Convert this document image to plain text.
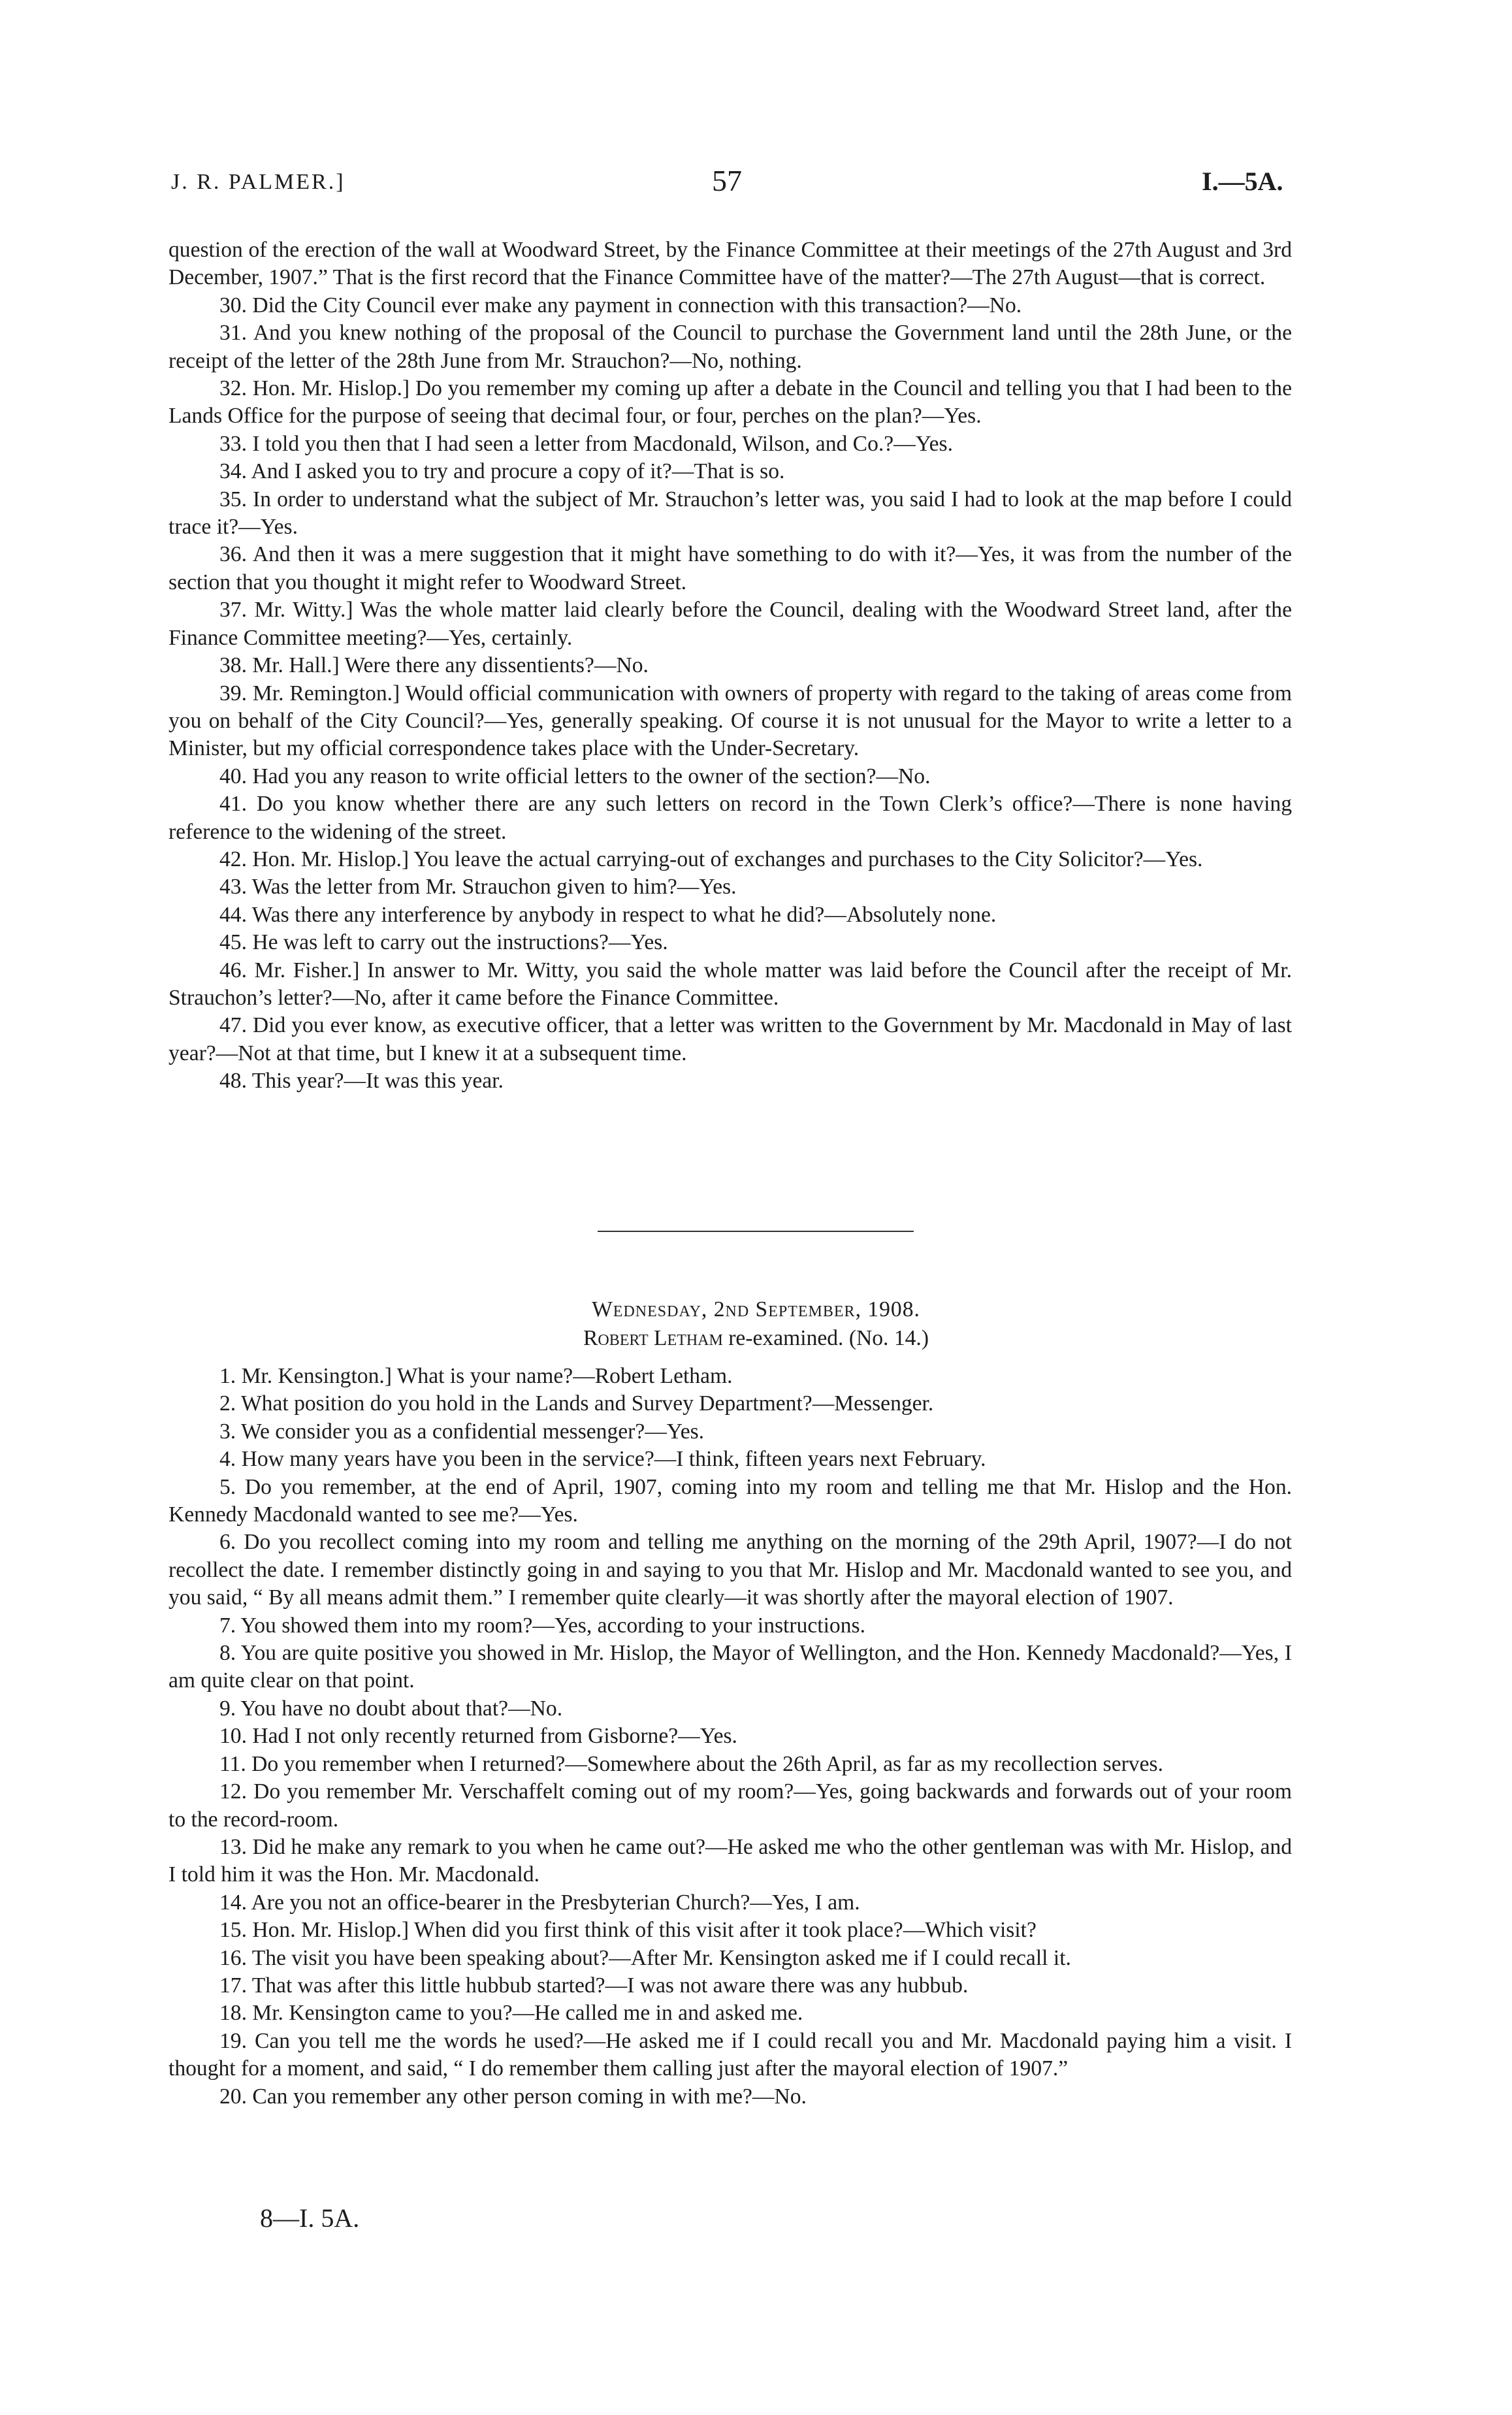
J. R. PALMER.]	57	I.—5A.

question of the erection of the wall at Woodward Street, by the Finance Committee at their meetings of the 27th August and 3rd December, 1907.” That is the first record that the Finance Committee have of the matter?—The 27th August—that is correct.

30. Did the City Council ever make any payment in connection with this transaction?—No.

31. And you knew nothing of the proposal of the Council to purchase the Government land until the 28th June, or the receipt of the letter of the 28th June from Mr. Strauchon?—No, nothing.

32. Hon. Mr. Hislop.] Do you remember my coming up after a debate in the Council and telling you that I had been to the Lands Office for the purpose of seeing that decimal four, or four, perches on the plan?—Yes.

33. I told you then that I had seen a letter from Macdonald, Wilson, and Co.?—Yes.

34. And I asked you to try and procure a copy of it?—That is so.

35. In order to understand what the subject of Mr. Strauchon’s letter was, you said I had to look at the map before I could trace it?—Yes.

36. And then it was a mere suggestion that it might have something to do with it?—Yes, it was from the number of the section that you thought it might refer to Woodward Street.

37. Mr. Witty.] Was the whole matter laid clearly before the Council, dealing with the Woodward Street land, after the Finance Committee meeting?—Yes, certainly.

38. Mr. Hall.] Were there any dissentients?—No.

39. Mr. Remington.] Would official communication with owners of property with regard to the taking of areas come from you on behalf of the City Council?—Yes, generally speaking. Of course it is not unusual for the Mayor to write a letter to a Minister, but my official correspondence takes place with the Under-Secretary.

40. Had you any reason to write official letters to the owner of the section?—No.

41. Do you know whether there are any such letters on record in the Town Clerk’s office?—There is none having reference to the widening of the street.

42. Hon. Mr. Hislop.] You leave the actual carrying-out of exchanges and purchases to the City Solicitor?—Yes.

43. Was the letter from Mr. Strauchon given to him?—Yes.

44. Was there any interference by anybody in respect to what he did?—Absolutely none.

45. He was left to carry out the instructions?—Yes.

46. Mr. Fisher.] In answer to Mr. Witty, you said the whole matter was laid before the Council after the receipt of Mr. Strauchon’s letter?—No, after it came before the Finance Committee.

47. Did you ever know, as executive officer, that a letter was written to the Government by Mr. Macdonald in May of last year?—Not at that time, but I knew it at a subsequent time.

48. This year?—It was this year.

Wednesday, 2nd September, 1908.
Robert Letham re-examined. (No. 14.)

1. Mr. Kensington.] What is your name?—Robert Letham.

2. What position do you hold in the Lands and Survey Department?—Messenger.

3. We consider you as a confidential messenger?—Yes.

4. How many years have you been in the service?—I think, fifteen years next February.

5. Do you remember, at the end of April, 1907, coming into my room and telling me that Mr. Hislop and the Hon. Kennedy Macdonald wanted to see me?—Yes.

6. Do you recollect coming into my room and telling me anything on the morning of the 29th April, 1907?—I do not recollect the date. I remember distinctly going in and saying to you that Mr. Hislop and Mr. Macdonald wanted to see you, and you said, “ By all means admit them.” I remember quite clearly—it was shortly after the mayoral election of 1907.

7. You showed them into my room?—Yes, according to your instructions.

8. You are quite positive you showed in Mr. Hislop, the Mayor of Wellington, and the Hon. Kennedy Macdonald?—Yes, I am quite clear on that point.

9. You have no doubt about that?—No.

10. Had I not only recently returned from Gisborne?—Yes.

11. Do you remember when I returned?—Somewhere about the 26th April, as far as my recollection serves.

12. Do you remember Mr. Verschaffelt coming out of my room?—Yes, going backwards and forwards out of your room to the record-room.

13. Did he make any remark to you when he came out?—He asked me who the other gentleman was with Mr. Hislop, and I told him it was the Hon. Mr. Macdonald.

14. Are you not an office-bearer in the Presbyterian Church?—Yes, I am.

15. Hon. Mr. Hislop.] When did you first think of this visit after it took place?—Which visit?

16. The visit you have been speaking about?—After Mr. Kensington asked me if I could recall it.

17. That was after this little hubbub started?—I was not aware there was any hubbub.

18. Mr. Kensington came to you?—He called me in and asked me.

19. Can you tell me the words he used?—He asked me if I could recall you and Mr. Macdonald paying him a visit. I thought for a moment, and said, “ I do remember them calling just after the mayoral election of 1907.”

20. Can you remember any other person coming in with me?—No.

8—I. 5A.
